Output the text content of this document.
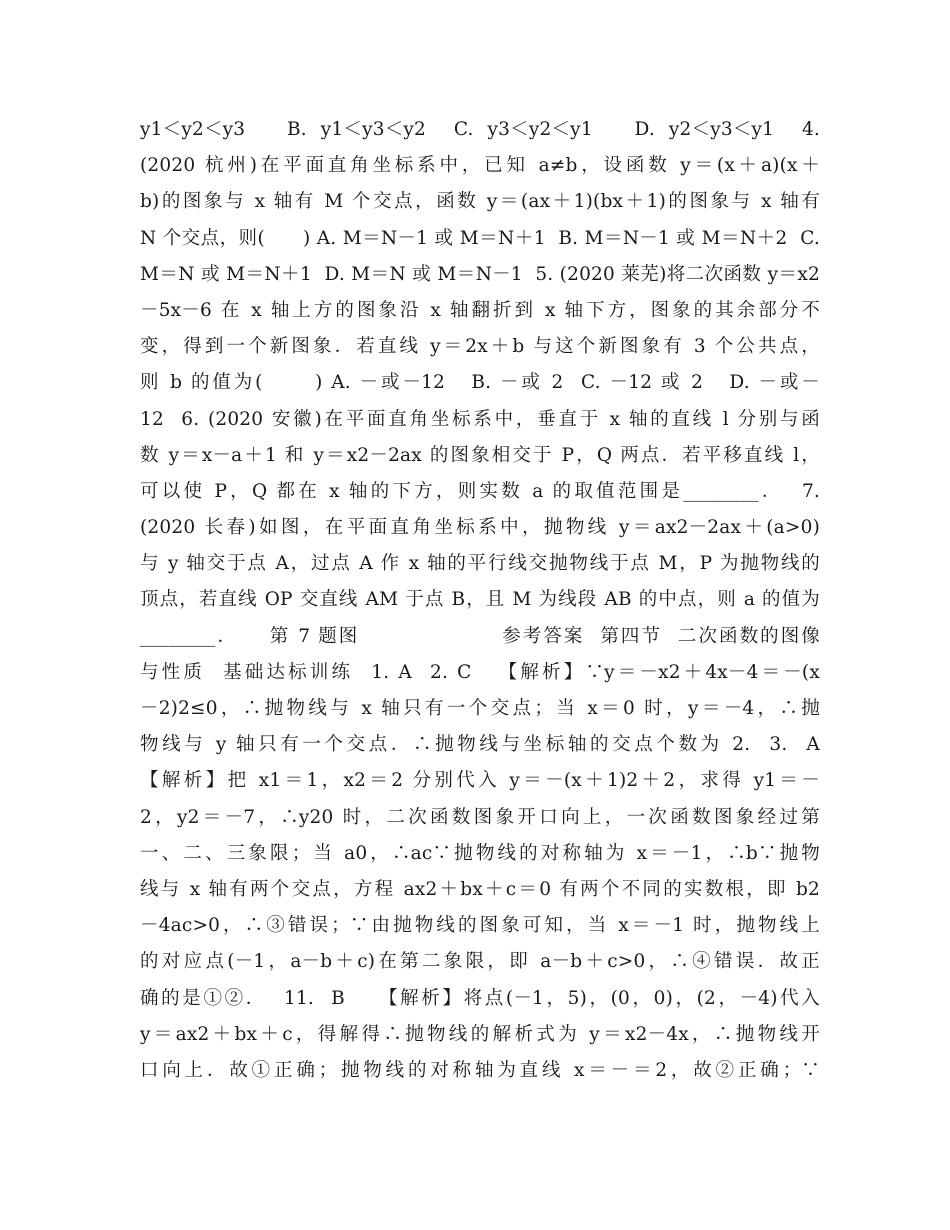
y1＜y2＜y3   B. y1＜y3＜y2  C. y3＜y2＜y1   D. y2＜y3＜y1  4.
(2020 杭州)在平面直角坐标系中，已知 a≠b，设函数 y＝(x＋a)(x＋
b)的图象与 x 轴有 M 个交点，函数 y＝(ax＋1)(bx＋1)的图象与 x 轴有
N 个交点，则(      ) A. M＝N－1 或 M＝N＋1  B. M＝N－1 或 M＝N＋2  C.
M＝N 或 M＝N＋1  D. M＝N 或 M＝N－1  5. (2020 莱芜)将二次函数 y＝x2
－5x－6 在 x 轴上方的图象沿 x 轴翻折到 x 轴下方，图象的其余部分不
变，得到一个新图象．若直线 y＝2x＋b 与这个新图象有 3 个公共点，
则 b 的值为(      ) A. －或－12   B. －或 2  C. －12 或 2   D. －或－
12  6. (2020 安徽)在平面直角坐标系中，垂直于 x 轴的直线 l 分别与函
数 y＝x－a＋1 和 y＝x2－2ax 的图象相交于 P，Q 两点．若平移直线 l，
可以使 P，Q 都在 x 轴的下方，则实数 a 的取值范围是________．  7.
(2020 长春)如图，在平面直角坐标系中，抛物线 y＝ax2－2ax＋(a>0)
与 y 轴交于点 A，过点 A 作 x 轴的平行线交抛物线于点 M，P 为抛物线的
顶点，若直线 OP 交直线 AM 于点 B，且 M 为线段 AB 的中点，则 a 的值为
________．    第 7 题图                  参考答案  第四节  二次函数的图像
与性质  基础达标训练  1. A  2. C   【解析】∵y＝－x2＋4x－4＝－(x
－2)2≤0，∴抛物线与 x 轴只有一个交点；当 x＝0 时，y＝－4，∴抛
物线与 y 轴只有一个交点．∴抛物线与坐标轴的交点个数为 2.  3.  A
【解析】把 x1＝1，x2＝2 分别代入 y＝－(x＋1)2＋2，求得 y1＝－
2，y2＝－7，∴y20 时，二次函数图象开口向上，一次函数图象经过第
一、二、三象限；当 a0，∴ac∵抛物线的对称轴为 x＝－1，∴b∵抛物
线与 x 轴有两个交点，方程 ax2＋bx＋c＝0 有两个不同的实数根，即 b2
－4ac>0，∴③错误；∵由抛物线的图象可知，当 x＝－1 时，抛物线上
的对应点(－1，a－b＋c)在第二象限，即 a－b＋c>0，∴④错误．故正
确的是①②．  11.  B    【解析】将点(－1，5)，(0，0)，(2，－4)代入
y＝ax2＋bx＋c，得解得∴抛物线的解析式为 y＝x2－4x，∴抛物线开
口向上．故①正确；抛物线的对称轴为直线 x＝－＝2，故②正确；∵
